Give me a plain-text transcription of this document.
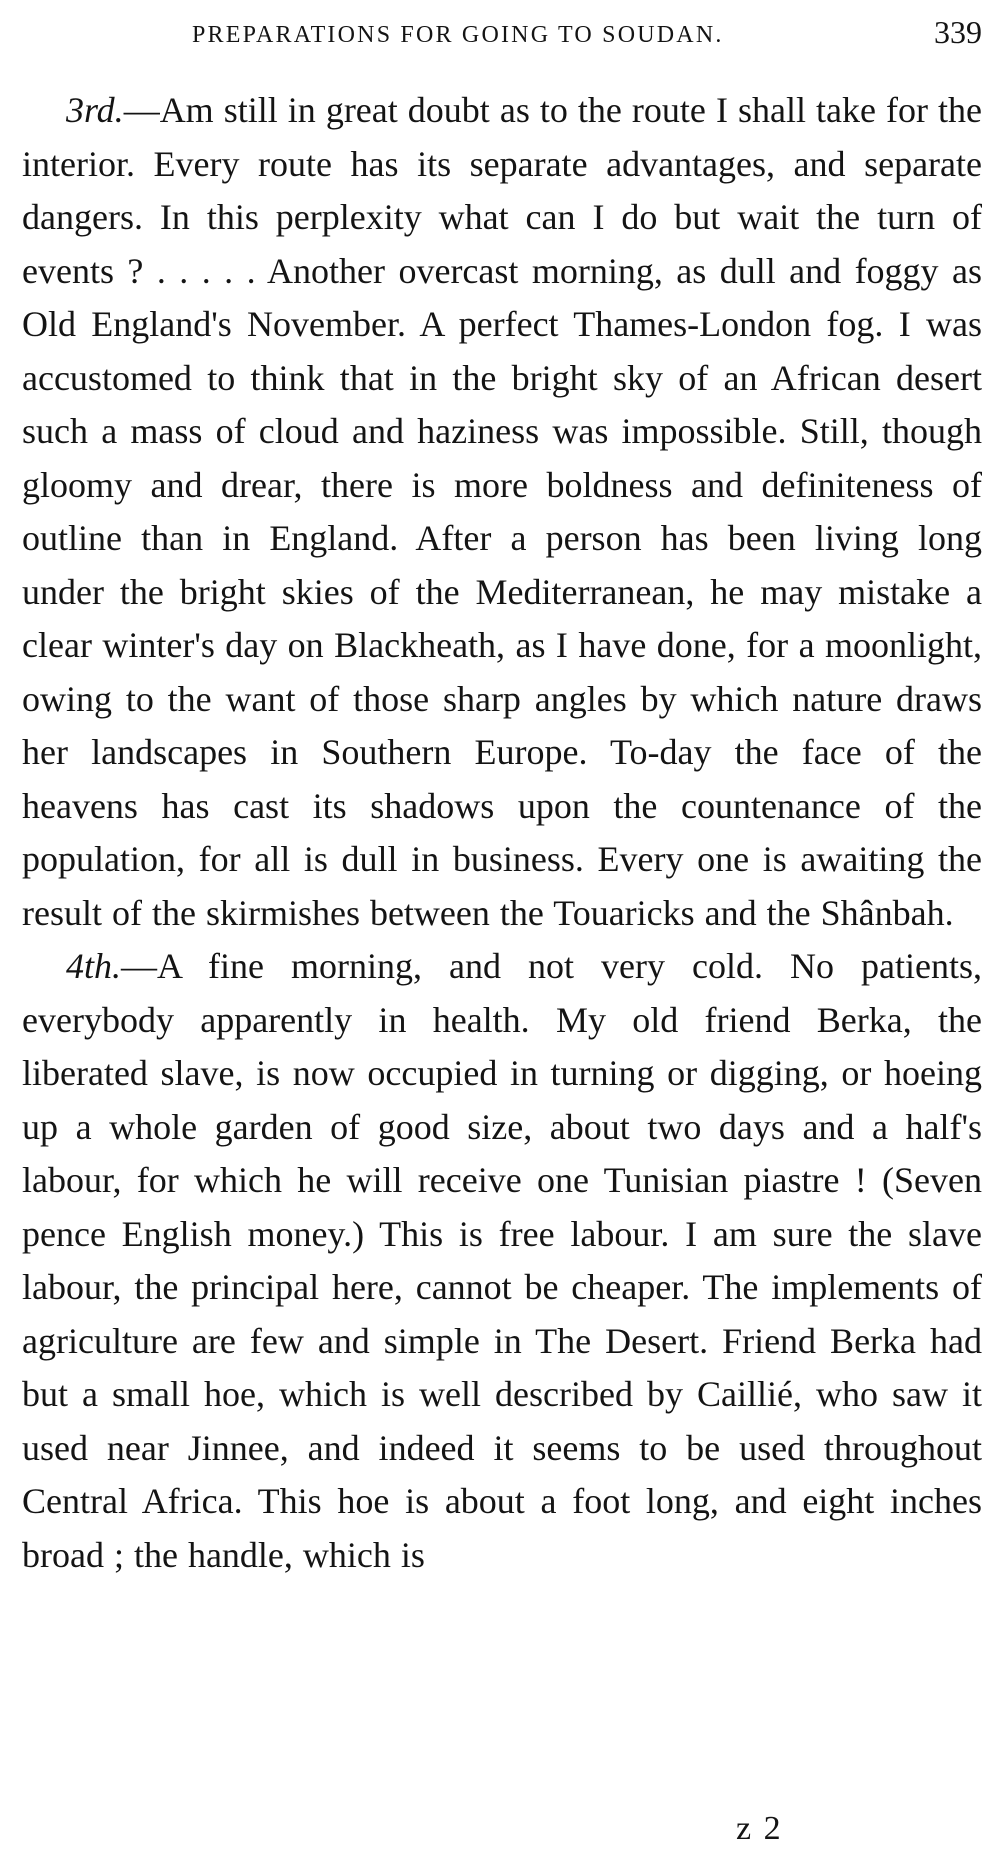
PREPARATIONS FOR GOING TO SOUDAN.	339

3rd.—Am still in great doubt as to the route I shall take for the interior. Every route has its separate advantages, and separate dangers. In this perplexity what can I do but wait the turn of events ? . . . . . Another overcast morning, as dull and foggy as Old England's November. A perfect Thames-London fog. I was accustomed to think that in the bright sky of an African desert such a mass of cloud and haziness was impossible. Still, though gloomy and drear, there is more boldness and definiteness of outline than in England. After a person has been living long under the bright skies of the Mediterranean, he may mistake a clear winter's day on Blackheath, as I have done, for a moonlight, owing to the want of those sharp angles by which nature draws her landscapes in Southern Europe. To-day the face of the heavens has cast its shadows upon the countenance of the population, for all is dull in business. Every one is awaiting the result of the skirmishes between the Touaricks and the Shânbah.

4th.—A fine morning, and not very cold. No patients, everybody apparently in health. My old friend Berka, the liberated slave, is now occupied in turning or digging, or hoeing up a whole garden of good size, about two days and a half's labour, for which he will receive one Tunisian piastre ! (Seven pence English money.) This is free labour. I am sure the slave labour, the principal here, cannot be cheaper. The implements of agriculture are few and simple in The Desert. Friend Berka had but a small hoe, which is well described by Caillié, who saw it used near Jinnee, and indeed it seems to be used throughout Central Africa. This hoe is about a foot long, and eight inches broad ; the handle, which is

z 2
